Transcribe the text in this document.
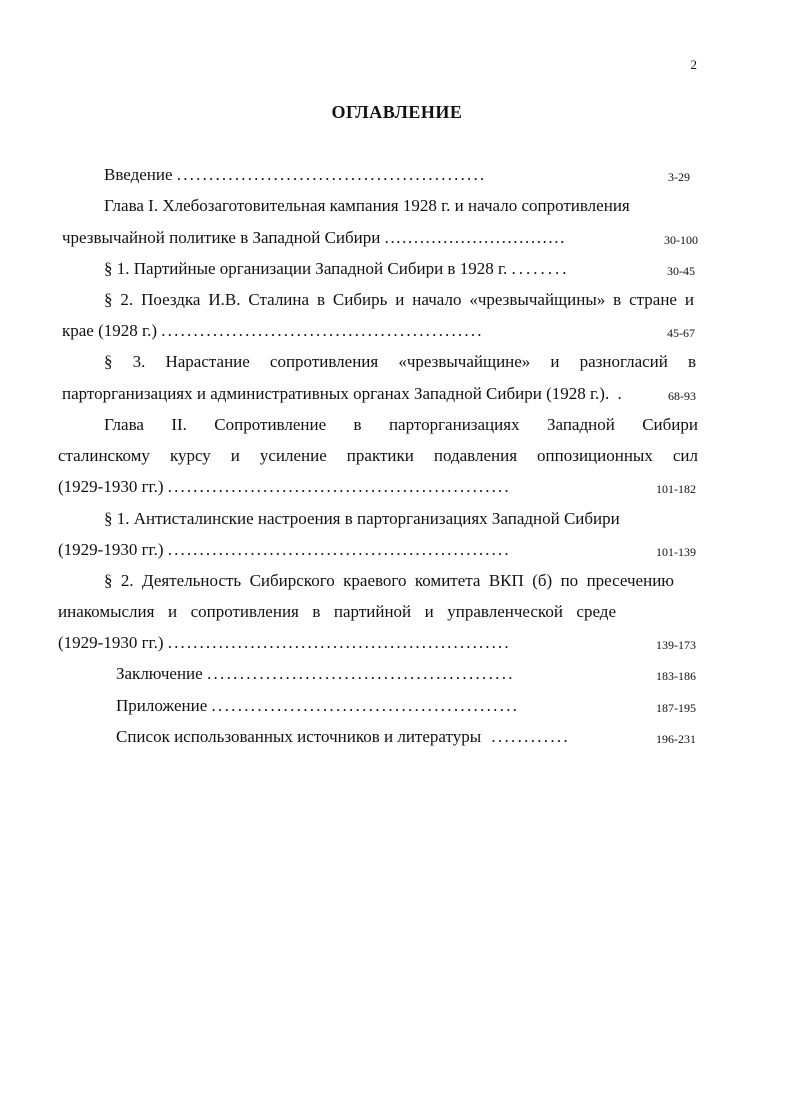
2
ОГЛАВЛЕНИЕ
Введение ................................................	3-29
Глава I. Хлебозаготовительная кампания 1928 г. и начало сопротивления
чрезвычайной политике в Западной Сибири ...............................	30-100
§ 1. Партийные организации Западной Сибири в 1928 г. ........	30-45
§ 2. Поездка И.В. Сталина в Сибирь и начало «чрезвычайщины» в стране и
крае (1928 г.) ..................................................	45-67
§ 3. Нарастание сопротивления «чрезвычайщине» и разногласий в
парторганизациях и административных органах Западной Сибири (1928 г.). .	68-93
Глава II. Сопротивление в парторганизациях Западной Сибири
сталинскому курсу и усиление практики подавления оппозиционных сил
(1929-1930 гг.) ......................................................	101-182
§ 1. Антисталинские настроения в парторганизациях Западной Сибири
(1929-1930 гг.) ......................................................	101-139
§ 2. Деятельность Сибирского краевого комитета ВКП (б) по пресечению
инакомыслия и сопротивления в партийной и управленческой среде
(1929-1930 гг.) ......................................................	139-173
Заключение ...............................................	183-186
Приложение ...............................................	187-195
Список использованных источников и литературы ............	196-231
